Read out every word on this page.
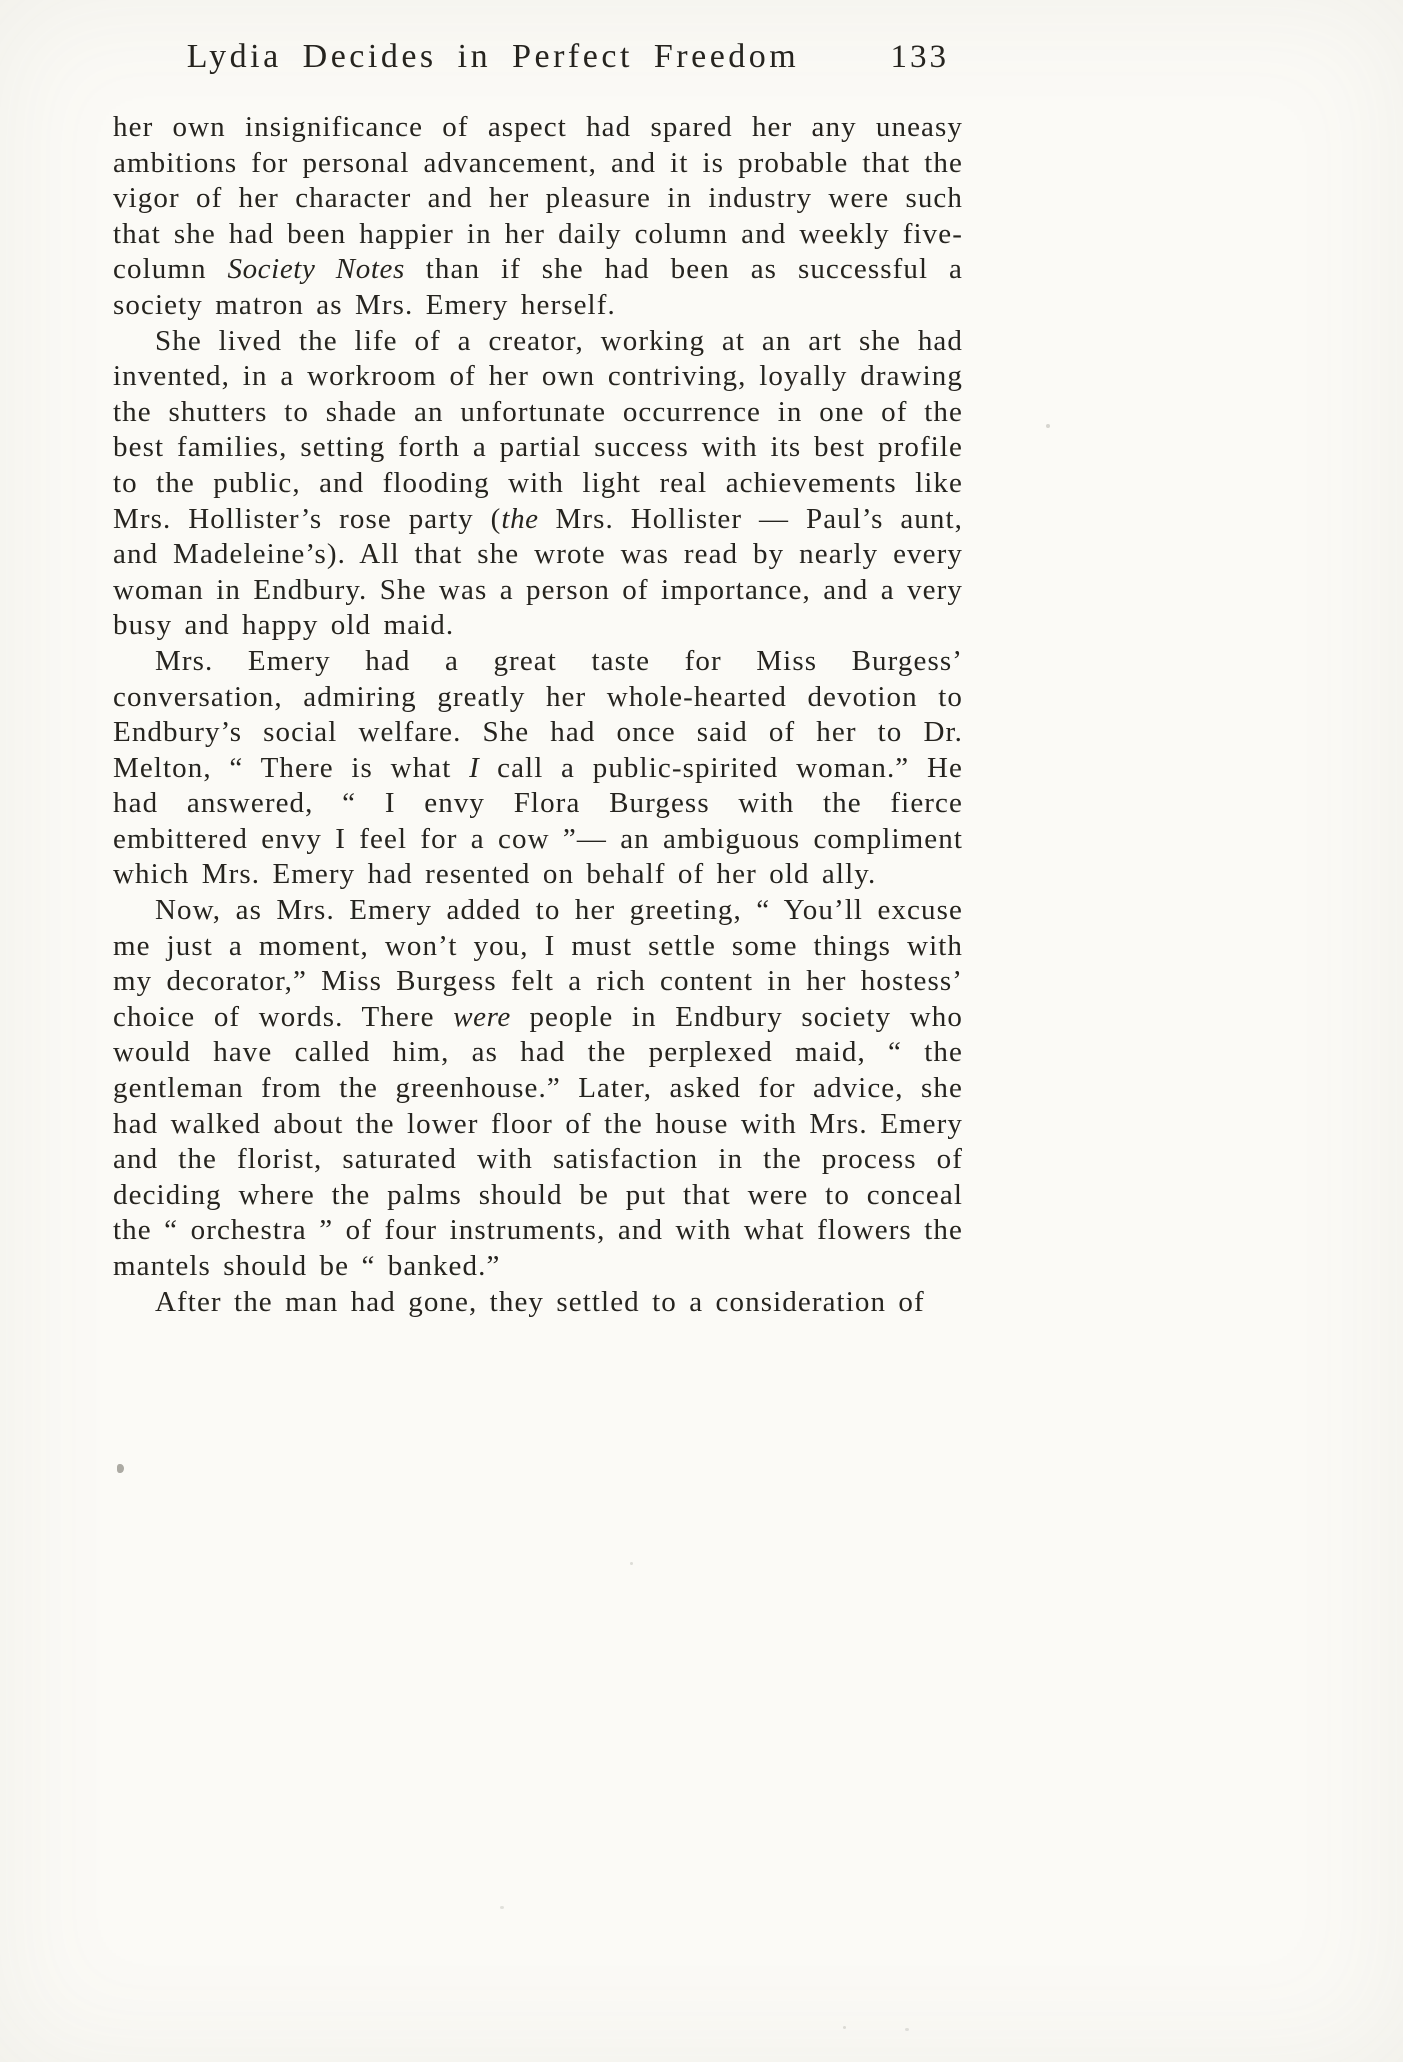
Lydia Decides in Perfect Freedom	133

her own insignificance of aspect had spared her any uneasy ambitions for personal advancement, and it is probable that the vigor of her character and her pleasure in industry were such that she had been happier in her daily column and weekly five-column Society Notes than if she had been as successful a society matron as Mrs. Emery herself.

She lived the life of a creator, working at an art she had invented, in a workroom of her own contriving, loyally drawing the shutters to shade an unfortunate occurrence in one of the best families, setting forth a partial success with its best profile to the public, and flooding with light real achievements like Mrs. Hollister’s rose party (the Mrs. Hollister — Paul’s aunt, and Madeleine’s). All that she wrote was read by nearly every woman in Endbury. She was a person of importance, and a very busy and happy old maid.

Mrs. Emery had a great taste for Miss Burgess’ conversation, admiring greatly her whole-hearted devotion to Endbury’s social welfare. She had once said of her to Dr. Melton, “ There is what I call a public-spirited woman.” He had answered, “ I envy Flora Burgess with the fierce embittered envy I feel for a cow ”— an ambiguous compliment which Mrs. Emery had resented on behalf of her old ally.

Now, as Mrs. Emery added to her greeting, “ You’ll excuse me just a moment, won’t you, I must settle some things with my decorator,” Miss Burgess felt a rich content in her hostess’ choice of words. There were people in Endbury society who would have called him, as had the perplexed maid, “ the gentleman from the greenhouse.” Later, asked for advice, she had walked about the lower floor of the house with Mrs. Emery and the florist, saturated with satisfaction in the process of deciding where the palms should be put that were to conceal the “ orchestra ” of four instruments, and with what flowers the mantels should be “ banked.”

After the man had gone, they settled to a consideration of
